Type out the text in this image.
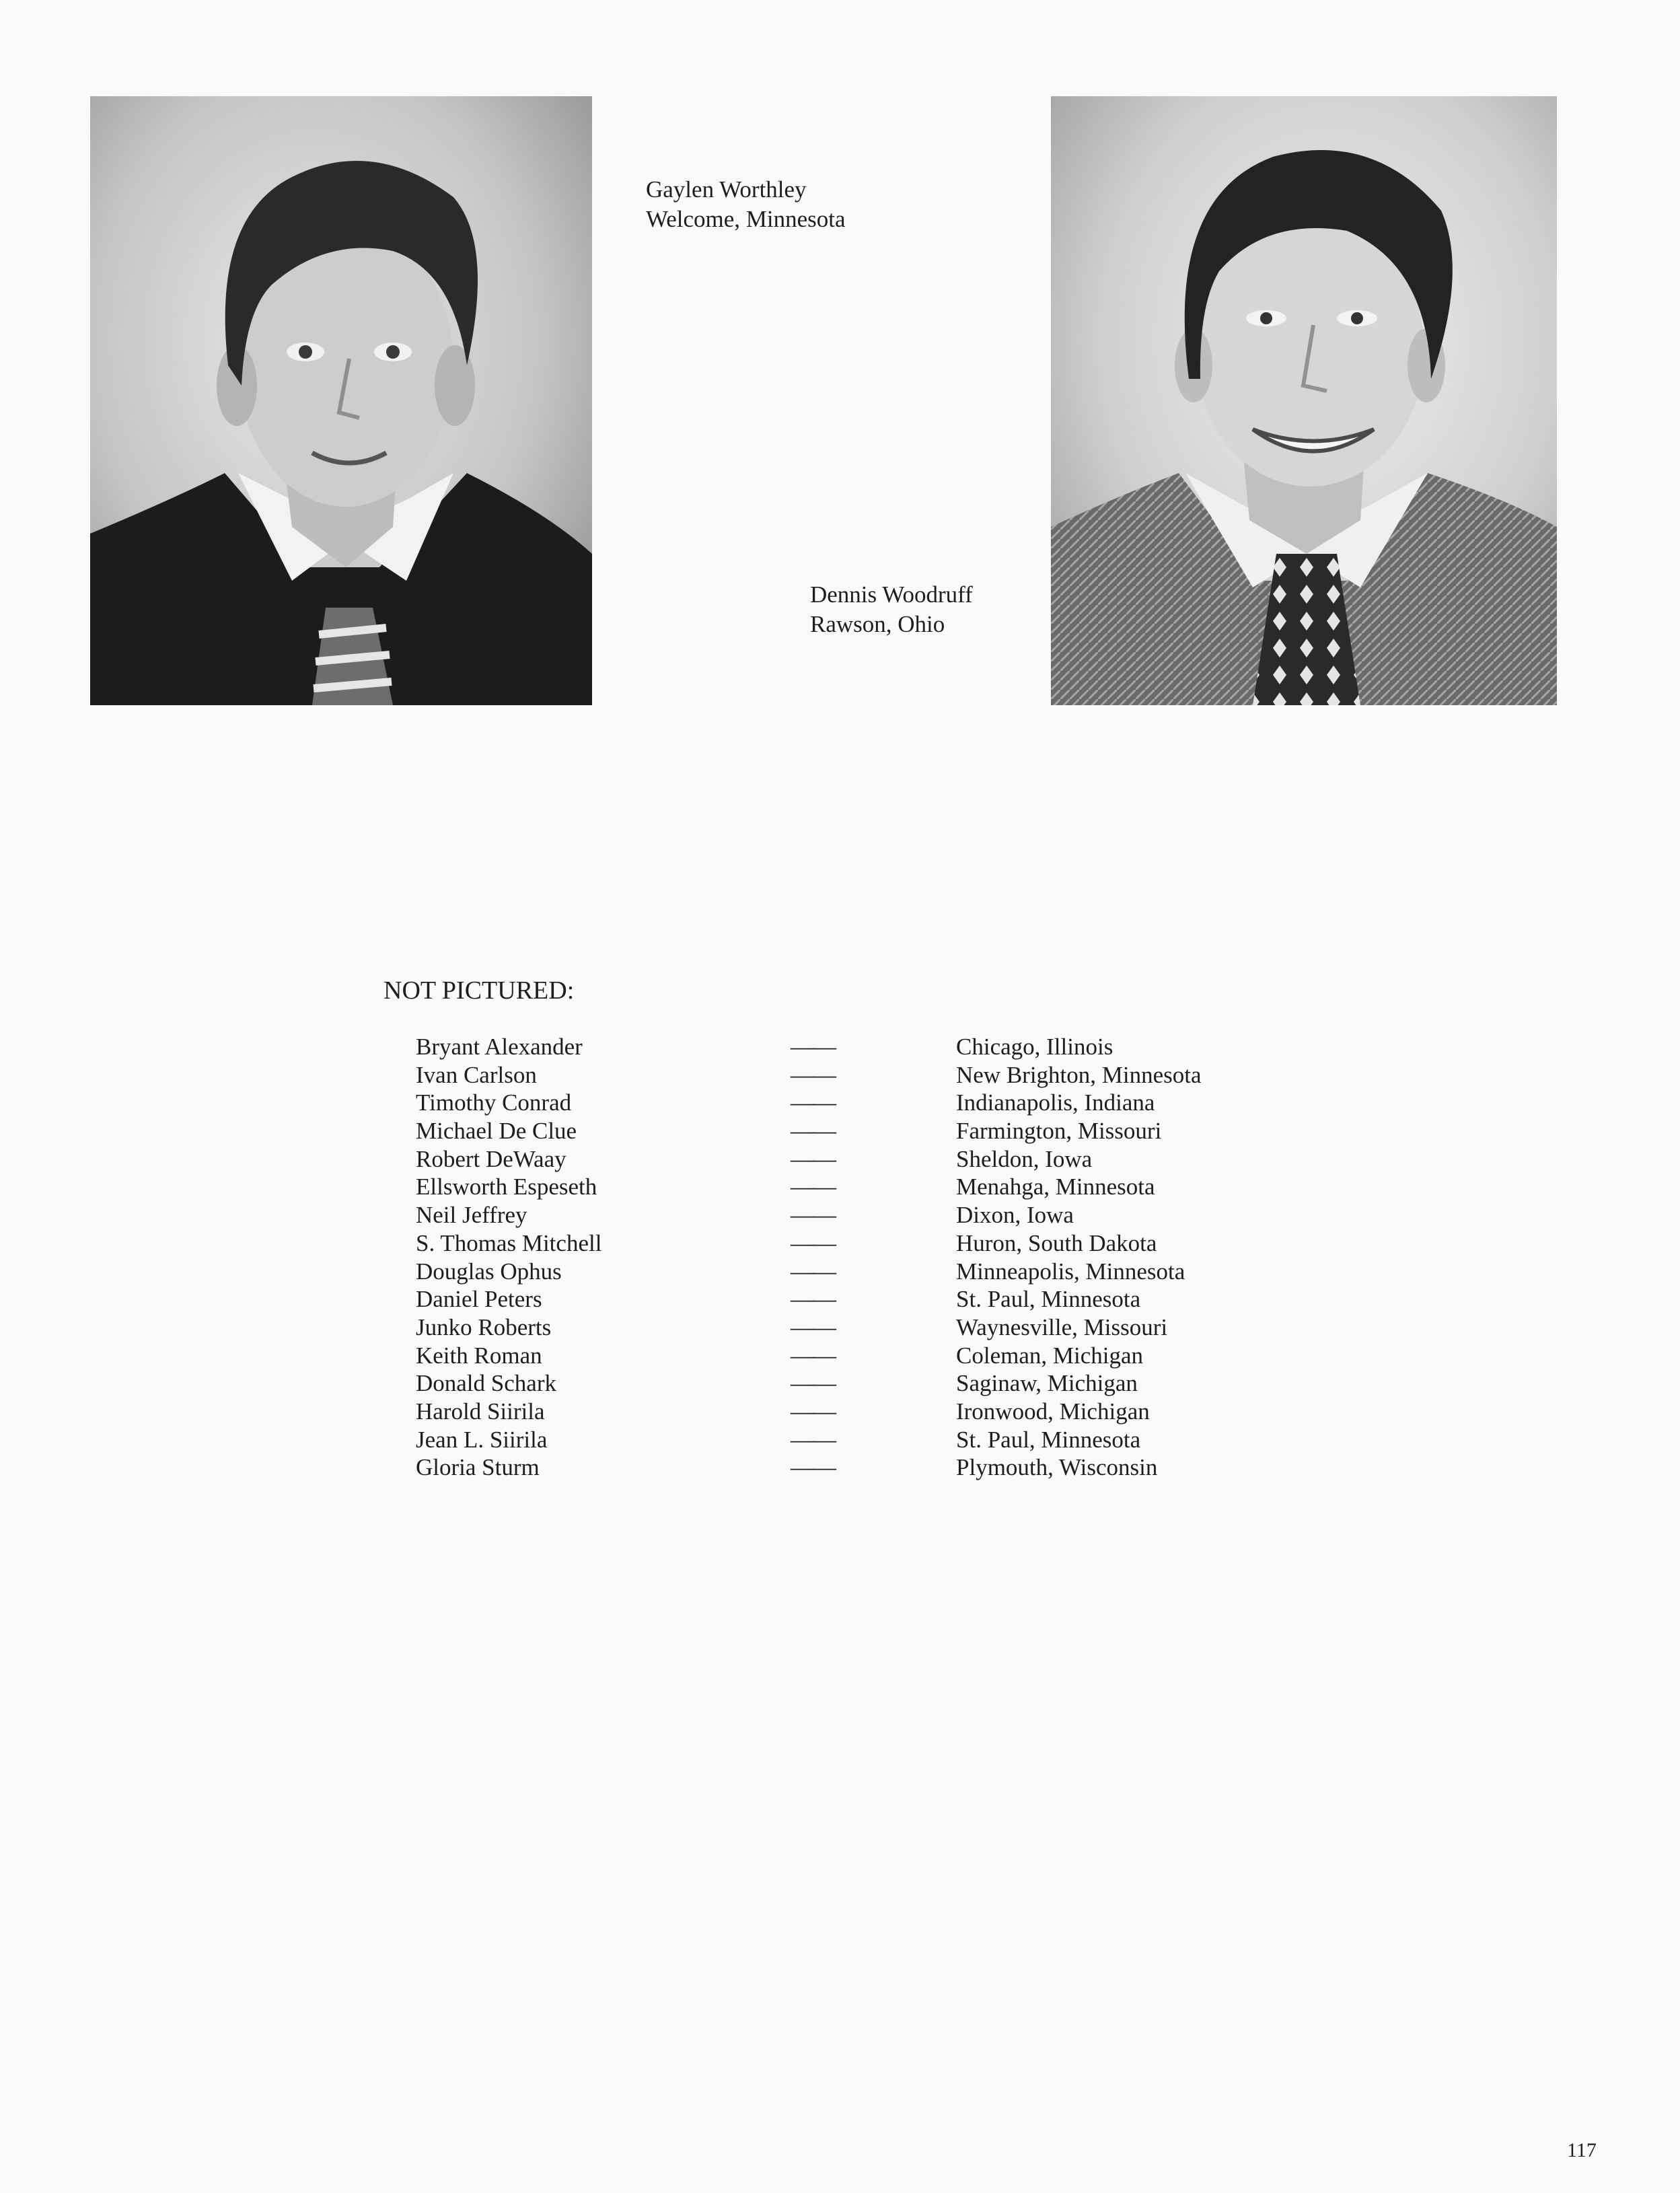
Gaylen Worthley
Welcome, Minnesota
Dennis Woodruff
Rawson, Ohio
NOT PICTURED:
Bryant Alexander	——	Chicago, Illinois
Ivan Carlson	——	New Brighton, Minnesota
Timothy Conrad	——	Indianapolis, Indiana
Michael De Clue	——	Farmington, Missouri
Robert DeWaay	——	Sheldon, Iowa
Ellsworth Espeseth	——	Menahga, Minnesota
Neil Jeffrey	——	Dixon, Iowa
S. Thomas Mitchell	——	Huron, South Dakota
Douglas Ophus	——	Minneapolis, Minnesota
Daniel Peters	——	St. Paul, Minnesota
Junko Roberts	——	Waynesville, Missouri
Keith Roman	——	Coleman, Michigan
Donald Schark	——	Saginaw, Michigan
Harold Siirila	——	Ironwood, Michigan
Jean L. Siirila	——	St. Paul, Minnesota
Gloria Sturm	——	Plymouth, Wisconsin
117
